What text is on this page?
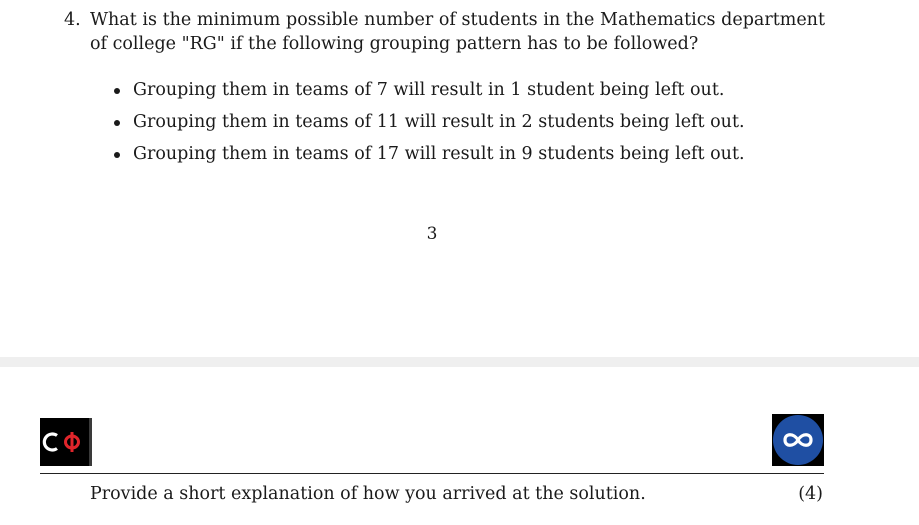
4. What is the minimum possible number of students in the Mathematics department of college "RG" if the following grouping pattern has to be followed?
Grouping them in teams of 7 will result in 1 student being left out.
Grouping them in teams of 11 will result in 2 students being left out.
Grouping them in teams of 17 will result in 9 students being left out.
3
Provide a short explanation of how you arrived at the solution.	(4)
